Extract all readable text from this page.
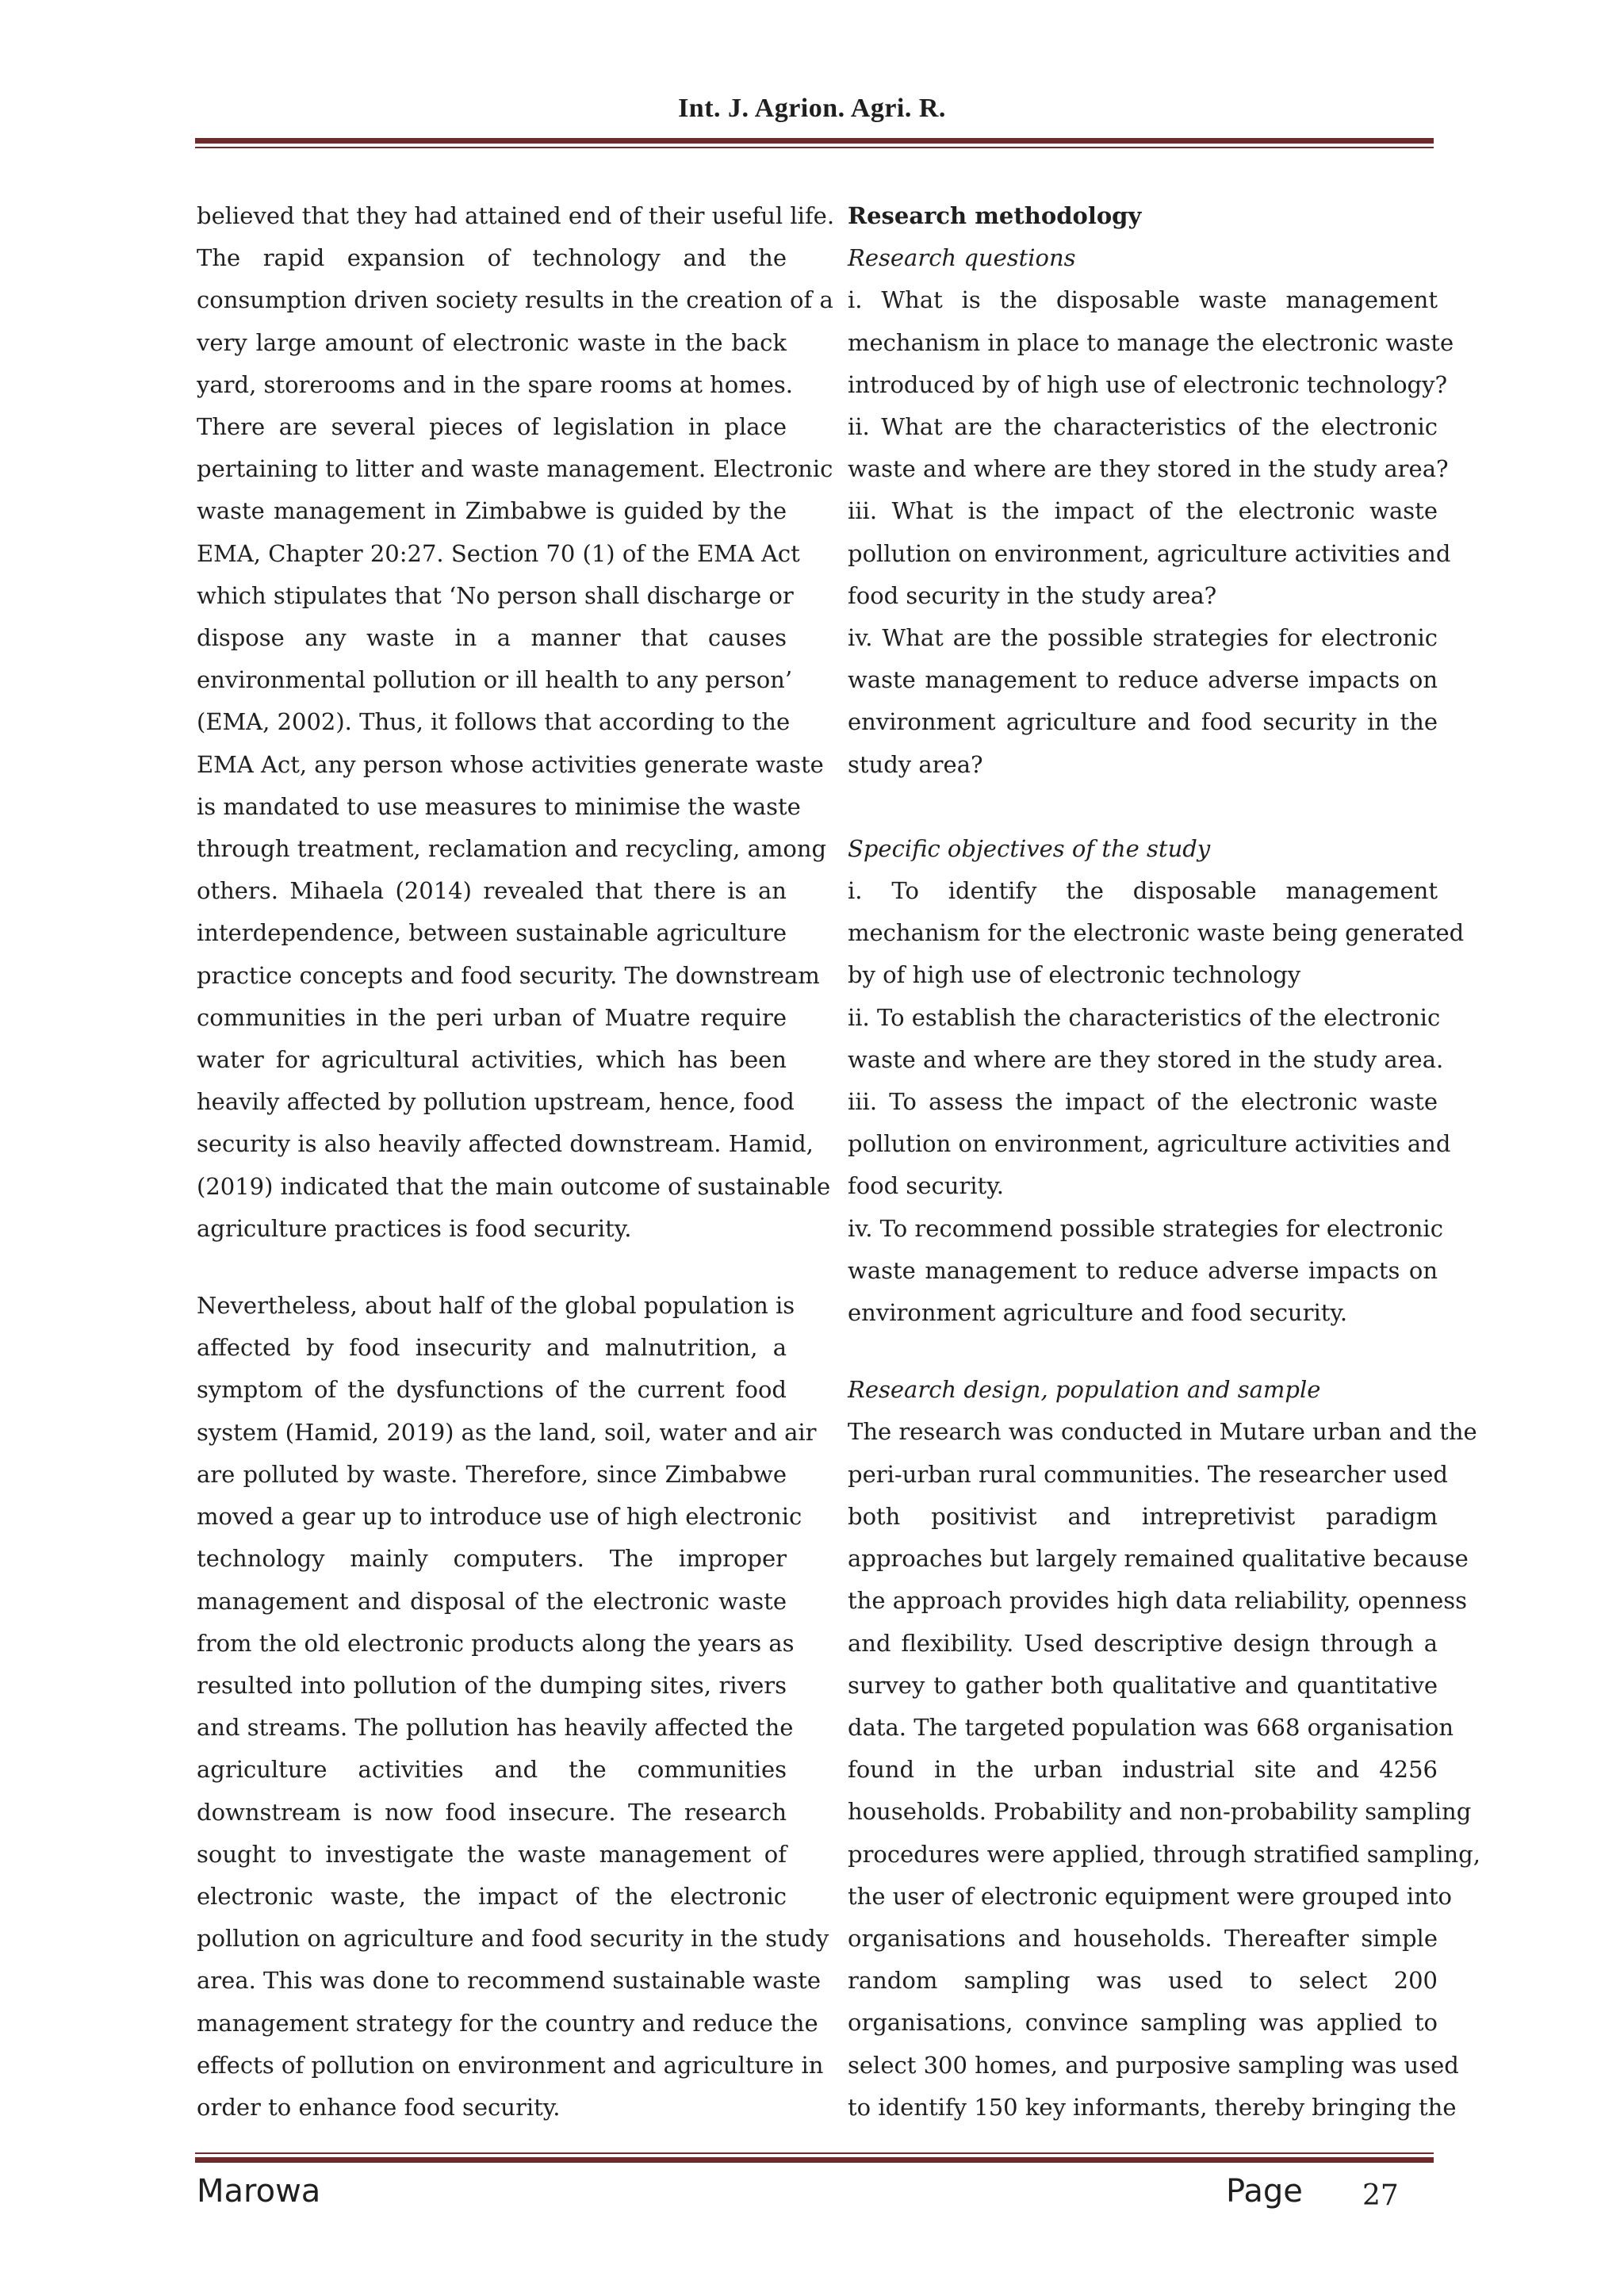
Int. J. Agrion. Agri. R.

believed that they had attained end of their useful life.

The rapid expansion of technology and the

consumption driven society results in the creation of a

very large amount of electronic waste in the back

yard, storerooms and in the spare rooms at homes.

There are several pieces of legislation in place

pertaining to litter and waste management. Electronic

waste management in Zimbabwe is guided by the

EMA, Chapter 20:27. Section 70 (1) of the EMA Act

which stipulates that ‘No person shall discharge or

dispose any waste in a manner that causes

environmental pollution or ill health to any person’

(EMA, 2002). Thus, it follows that according to the

EMA Act, any person whose activities generate waste

is mandated to use measures to minimise the waste

through treatment, reclamation and recycling, among

others. Mihaela (2014) revealed that there is an

interdependence, between sustainable agriculture

practice concepts and food security. The downstream

communities in the peri urban of Muatre require

water for agricultural activities, which has been

heavily affected by pollution upstream, hence, food

security is also heavily affected downstream. Hamid,

(2019) indicated that the main outcome of sustainable

agriculture practices is food security.

Nevertheless, about half of the global population is

affected by food insecurity and malnutrition, a

symptom of the dysfunctions of the current food

system (Hamid, 2019) as the land, soil, water and air

are polluted by waste. Therefore, since Zimbabwe

moved a gear up to introduce use of high electronic

technology mainly computers. The improper

management and disposal of the electronic waste

from the old electronic products along the years as

resulted into pollution of the dumping sites, rivers

and streams. The pollution has heavily affected the

agriculture activities and the communities

downstream is now food insecure. The research

sought to investigate the waste management of

electronic waste, the impact of the electronic

pollution on agriculture and food security in the study

area. This was done to recommend sustainable waste

management strategy for the country and reduce the

effects of pollution on environment and agriculture in

order to enhance food security.

Research methodology

Research questions

i. What is the disposable waste management

mechanism in place to manage the electronic waste

introduced by of high use of electronic technology?

ii. What are the characteristics of the electronic

waste and where are they stored in the study area?

iii. What is the impact of the electronic waste

pollution on environment, agriculture activities and

food security in the study area?

iv. What are the possible strategies for electronic

waste management to reduce adverse impacts on

environment agriculture and food security in the

study area?

Specific objectives of the study

i. To identify the disposable management

mechanism for the electronic waste being generated

by of high use of electronic technology

ii. To establish the characteristics of the electronic

waste and where are they stored in the study area.

iii. To assess the impact of the electronic waste

pollution on environment, agriculture activities and

food security.

iv. To recommend possible strategies for electronic

waste management to reduce adverse impacts on

environment agriculture and food security.

Research design, population and sample

The research was conducted in Mutare urban and the

peri-urban rural communities. The researcher used

both positivist and intrepretivist paradigm

approaches but largely remained qualitative because

the approach provides high data reliability, openness

and flexibility. Used descriptive design through a

survey to gather both qualitative and quantitative

data. The targeted population was 668 organisation

found in the urban industrial site and 4256

households. Probability and non-probability sampling

procedures were applied, through stratified sampling,

the user of electronic equipment were grouped into

organisations and households. Thereafter simple

random sampling was used to select 200

organisations, convince sampling was applied to

select 300 homes, and purposive sampling was used

to identify 150 key informants, thereby bringing the

Marowa	Page 27
